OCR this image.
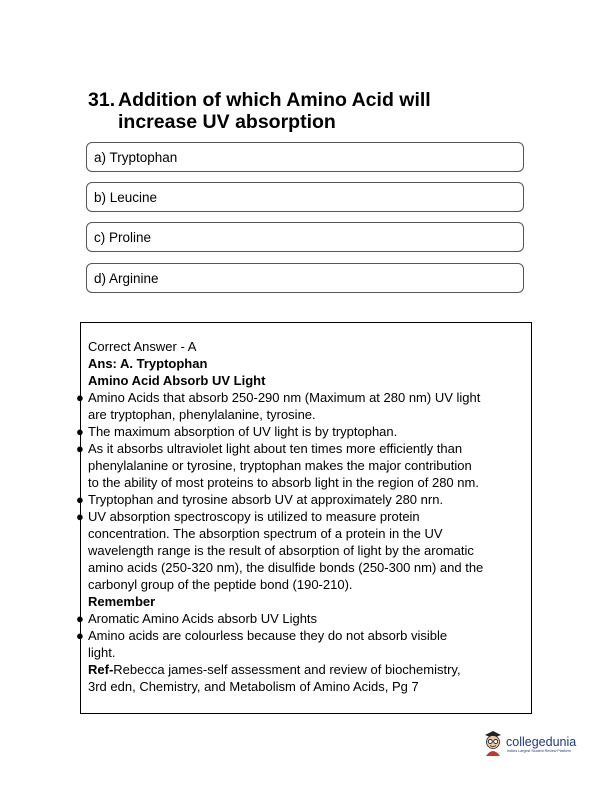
31. Addition of which Amino Acid will
increase UV absorption
a) Tryptophan
b) Leucine
c) Proline
d) Arginine
Correct Answer - A
Ans: A. Tryptophan
Amino Acid Absorb UV Light
● Amino Acids that absorb 250-290 nm (Maximum at 280 nm) UV light
are tryptophan, phenylalanine, tyrosine.
● The maximum absorption of UV light is by tryptophan.
● As it absorbs ultraviolet light about ten times more efficiently than
phenylalanine or tyrosine, tryptophan makes the major contribution
to the ability of most proteins to absorb light in the region of 280 nm.
● Tryptophan and tyrosine absorb UV at approximately 280 nrn.
● UV absorption spectroscopy is utilized to measure protein
concentration. The absorption spectrum of a protein in the UV
wavelength range is the result of absorption of light by the aromatic
amino acids (250-320 nm), the disulfide bonds (250-300 nm) and the
carbonyl group of the peptide bond (190-210).
Remember
● Aromatic Amino Acids absorb UV Lights
● Amino acids are colourless because they do not absorb visible
light.
Ref-Rebecca james-self assessment and review of biochemistry,
3rd edn, Chemistry, and Metabolism of Amino Acids, Pg 7
collegedunia
India's Largest Student Review Platform
